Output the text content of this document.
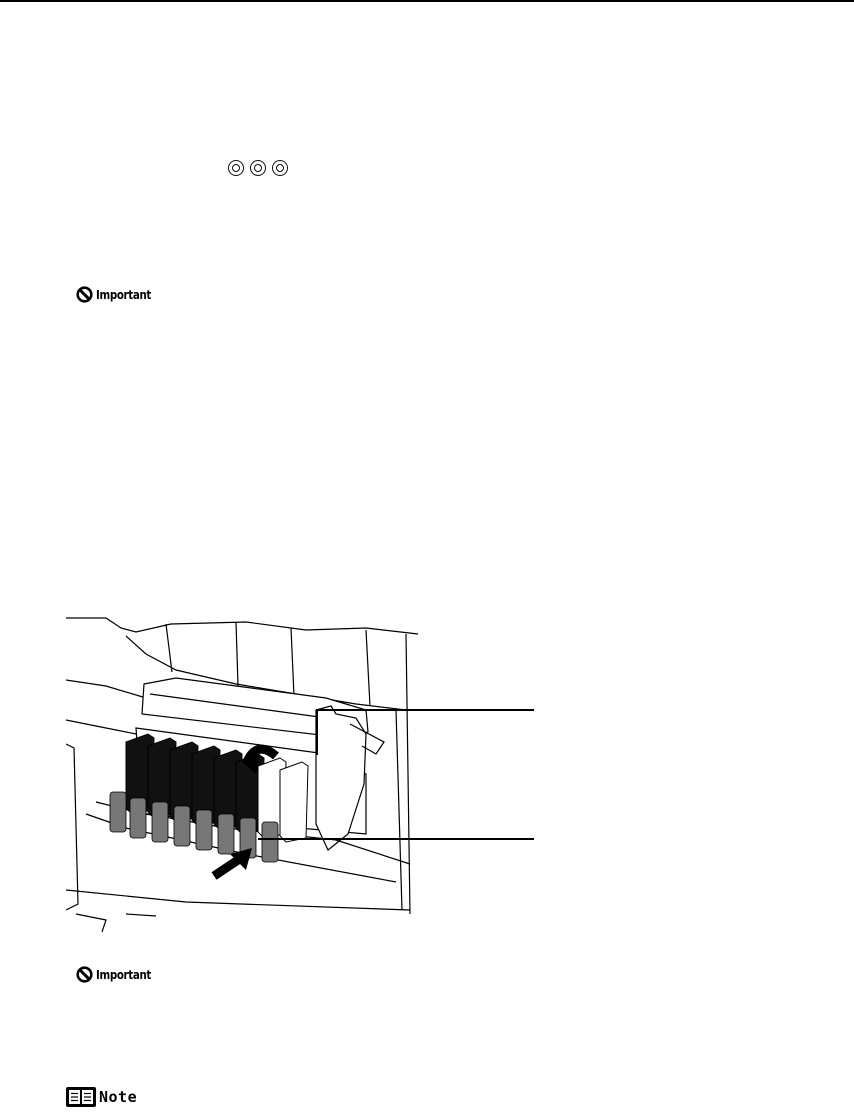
Important
Important
Note
